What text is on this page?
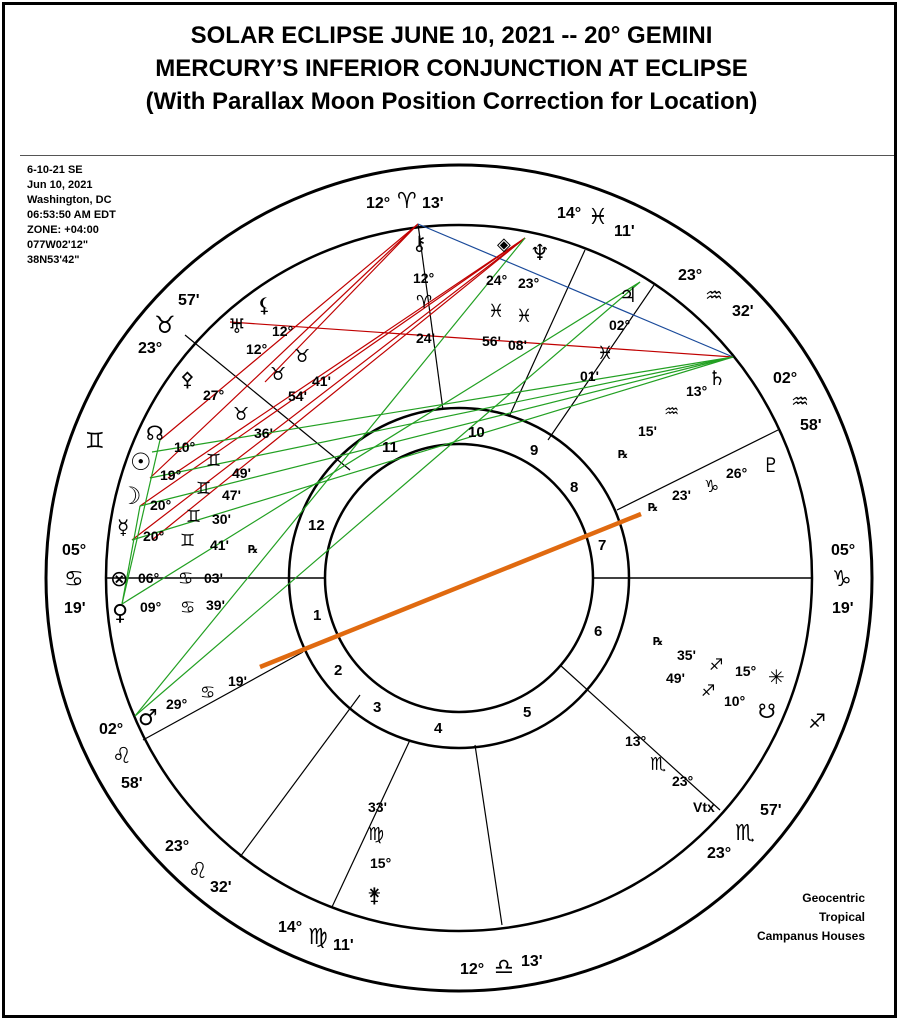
SOLAR ECLIPSE JUNE 10, 2021 -- 20° GEMINI
MERCURY’S INFERIOR CONJUNCTION AT ECLIPSE
(With Parallax Moon Position Correction for Location)
6-10-21 SE
Jun 10, 2021
Washington, DC
06:53:50 AM EDT
ZONE: +04:00
077W02'12"
38N53'42"
Geocentric
Tropical
Campanus Houses
1
2
3
4
5
6
7
8
9
10
11
12
12° ♈ 13'
14° ♓
11'
23°
♒
32'
02°
♒
58'
05°
♑
19'
23°
♏
57'
12° ♎ 13'
14° ♍ 11'
23°
♌
32'
02°
♌
58'
05°
♋
19'
23°
♉
57'
♊
♐
⚷
12°
♈
24'
◈
24°
♓
56'
♆
23°
♓
08'
♃
02°
♓
01'	♄
13°
♒
15'
℞	♇
26°
♑
23'
℞
♅
12°
♉
54'
⚸
12°
♉
41'
⚴
27°
♉
36'
☊
10°
♊
49'
☉ 19°
♊ 47'
☽ 20°
♊ 30'
☿ 20° ♊ 41' ℞
⊗ 06° ♋ 03'
♀ 09° ♋ 39'
♂
29°
♋
19'
33'
♍
15°
⚵
13°
♏
23°
Vtx
℞
35' ♐ 15° ✳
49'
♐
10° ☋
